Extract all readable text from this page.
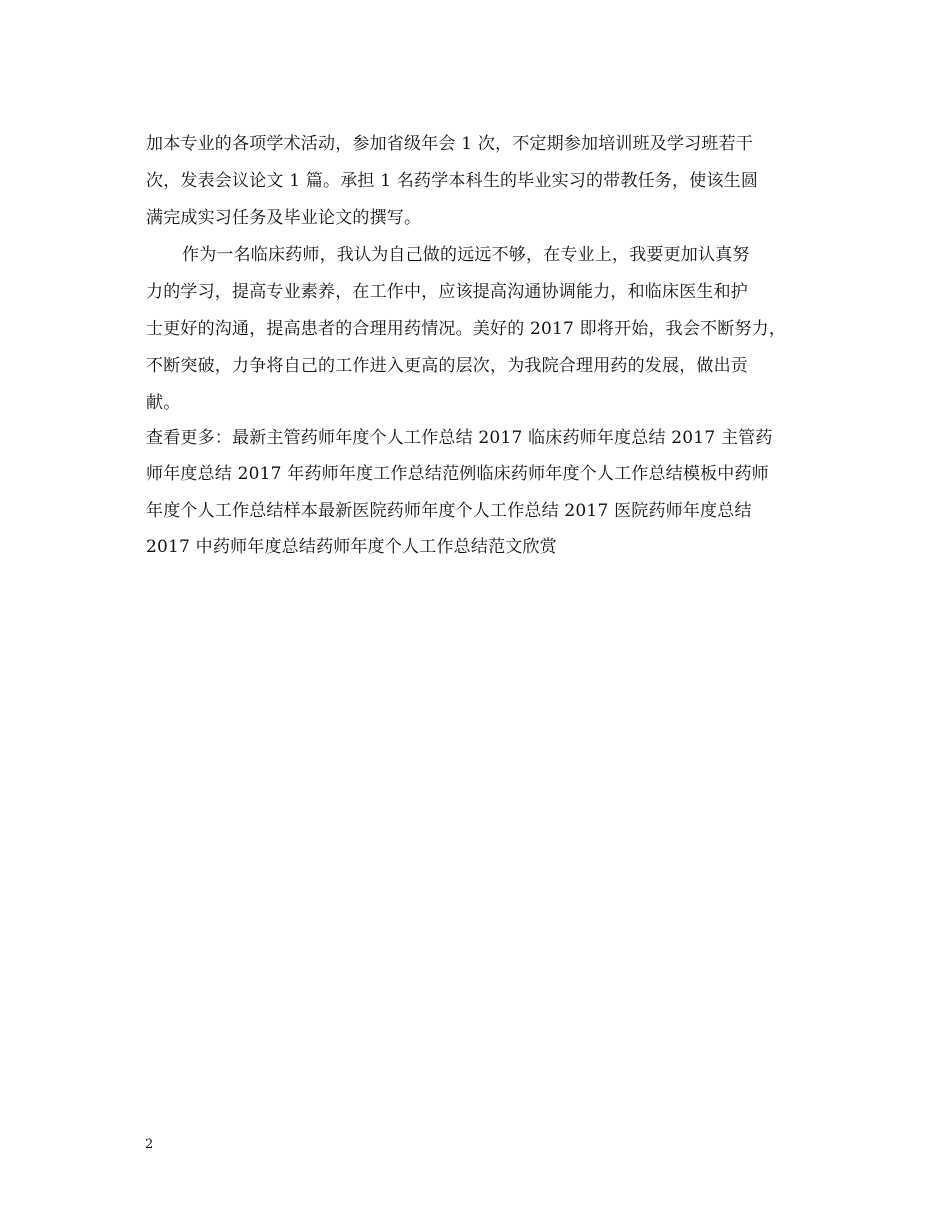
加本专业的各项学术活动，参加省级年会 1 次，不定期参加培训班及学习班若干
次，发表会议论文 1 篇。承担 1 名药学本科生的毕业实习的带教任务，使该生圆
满完成实习任务及毕业论文的撰写。
作为一名临床药师，我认为自己做的远远不够，在专业上，我要更加认真努
力的学习，提高专业素养，在工作中，应该提高沟通协调能力，和临床医生和护
士更好的沟通，提高患者的合理用药情况。美好的 2017 即将开始，我会不断努力，
不断突破，力争将自己的工作进入更高的层次，为我院合理用药的发展，做出贡
献。
查看更多：最新主管药师年度个人工作总结 2017 临床药师年度总结 2017 主管药
师年度总结 2017 年药师年度工作总结范例临床药师年度个人工作总结模板中药师
年度个人工作总结样本最新医院药师年度个人工作总结 2017 医院药师年度总结
2017 中药师年度总结药师年度个人工作总结范文欣赏
2
